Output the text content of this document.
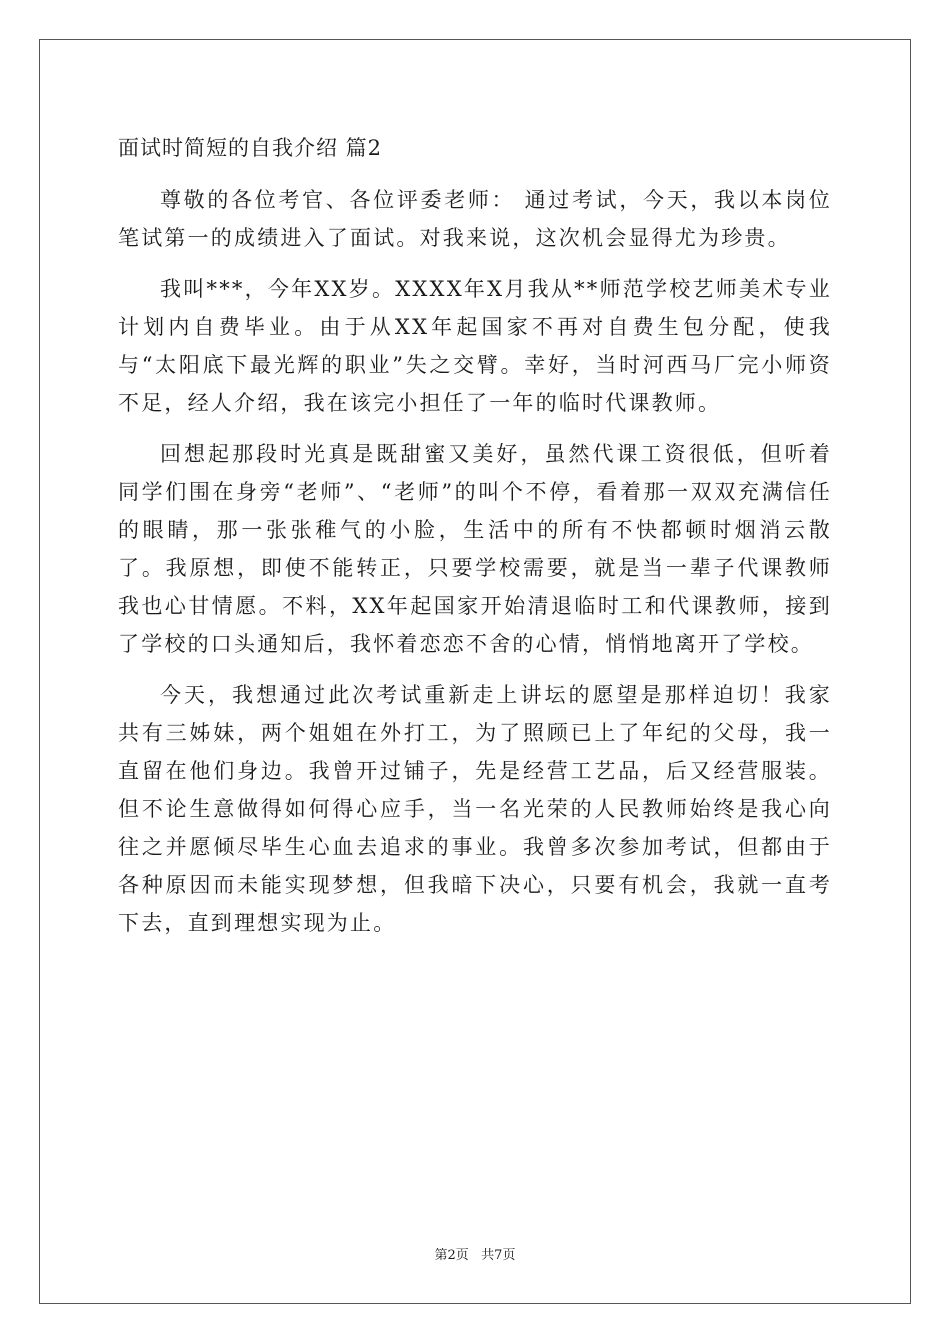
面试时简短的自我介绍 篇2

尊敬的各位考官、各位评委老师： 通过考试，今天，我以本岗位笔试第一的成绩进入了面试。对我来说，这次机会显得尤为珍贵。

我叫***，今年XX岁。XXXX年X月我从**师范学校艺师美术专业计划内自费毕业。由于从XX年起国家不再对自费生包分配，使我与“太阳底下最光辉的职业”失之交臂。幸好，当时河西马厂完小师资不足，经人介绍，我在该完小担任了一年的临时代课教师。

回想起那段时光真是既甜蜜又美好，虽然代课工资很低，但听着同学们围在身旁“老师”、“老师”的叫个不停，看着那一双双充满信任的眼睛，那一张张稚气的小脸，生活中的所有不快都顿时烟消云散了。我原想，即使不能转正，只要学校需要，就是当一辈子代课教师我也心甘情愿。不料，XX年起国家开始清退临时工和代课教师，接到了学校的口头通知后，我怀着恋恋不舍的心情，悄悄地离开了学校。

今天，我想通过此次考试重新走上讲坛的愿望是那样迫切！我家共有三姊妹，两个姐姐在外打工，为了照顾已上了年纪的父母，我一直留在他们身边。我曾开过铺子，先是经营工艺品，后又经营服装。但不论生意做得如何得心应手，当一名光荣的人民教师始终是我心向往之并愿倾尽毕生心血去追求的事业。我曾多次参加考试，但都由于各种原因而未能实现梦想，但我暗下决心，只要有机会，我就一直考下去，直到理想实现为止。

第2页   共7页
